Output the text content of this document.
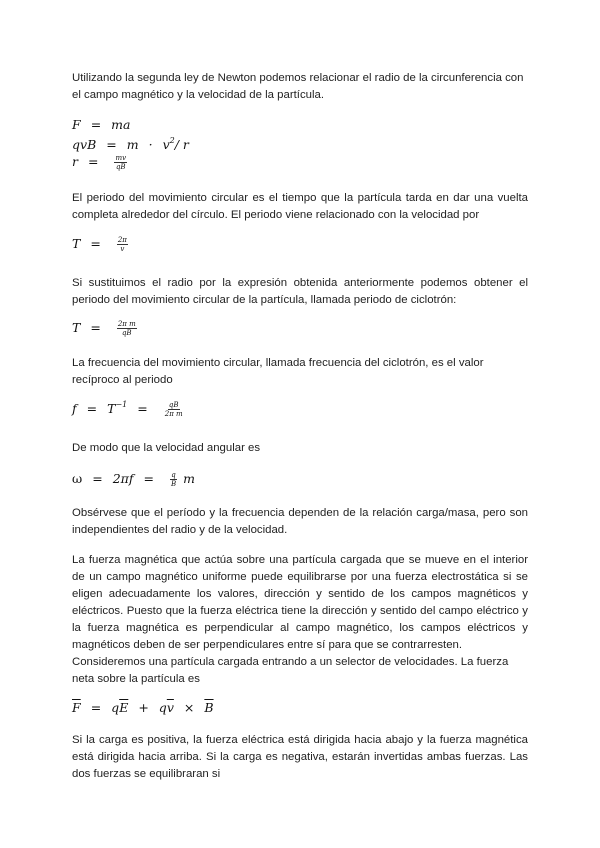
Utilizando la segunda ley de Newton podemos relacionar el radio de la circunferencia con el campo magnético y la velocidad de la partícula.

F = ma
qvB = $m \cdot v^2/$ r
$r = \frac{mv}{qB}$

El periodo del movimiento circular es el tiempo que la partícula tarda en dar una vuelta completa alrededor del círculo. El periodo viene relacionado con la velocidad por

$T = \frac{2\pi}{v}$

Si sustituimos el radio por la expresión obtenida anteriormente podemos obtener el periodo del movimiento circular de la partícula, llamada periodo de ciclotrón:

$T = \frac{\text{2π m}}{qB}$

La frecuencia del movimiento circular, llamada frecuencia del ciclotrón, es el valor recíproco al periodo

$f = T^{-1} = \frac{qB}{\text{2π m}}$

De modo que la velocidad angular es

$\omega = 2\pi f = \frac{q}{B}$ m

Obsérvese que el período y la frecuencia dependen de la relación carga/masa, pero son independientes del radio y de la velocidad.

La fuerza magnética que actúa sobre una partícula cargada que se mueve en el interior de un campo magnético uniforme puede equilibrarse por una fuerza electrostática si se eligen adecuadamente los valores, dirección y sentido de los campos magnéticos y eléctricos. Puesto que la fuerza eléctrica tiene la dirección y sentido del campo eléctrico y la fuerza magnética es perpendicular al campo magnético, los campos eléctricos y magnéticos deben de ser perpendiculares entre sí para que se contrarresten.

Consideremos una partícula cargada entrando a un selector de velocidades. La fuerza neta sobre la partícula es

$\overline{F} = q\overline{E} + q\overline{v} \times \overline{B}$

Si la carga es positiva, la fuerza eléctrica está dirigida hacia abajo y la fuerza magnética está dirigida hacia arriba. Si la carga es negativa, estarán invertidas ambas fuerzas. Las dos fuerzas se equilibraran si
